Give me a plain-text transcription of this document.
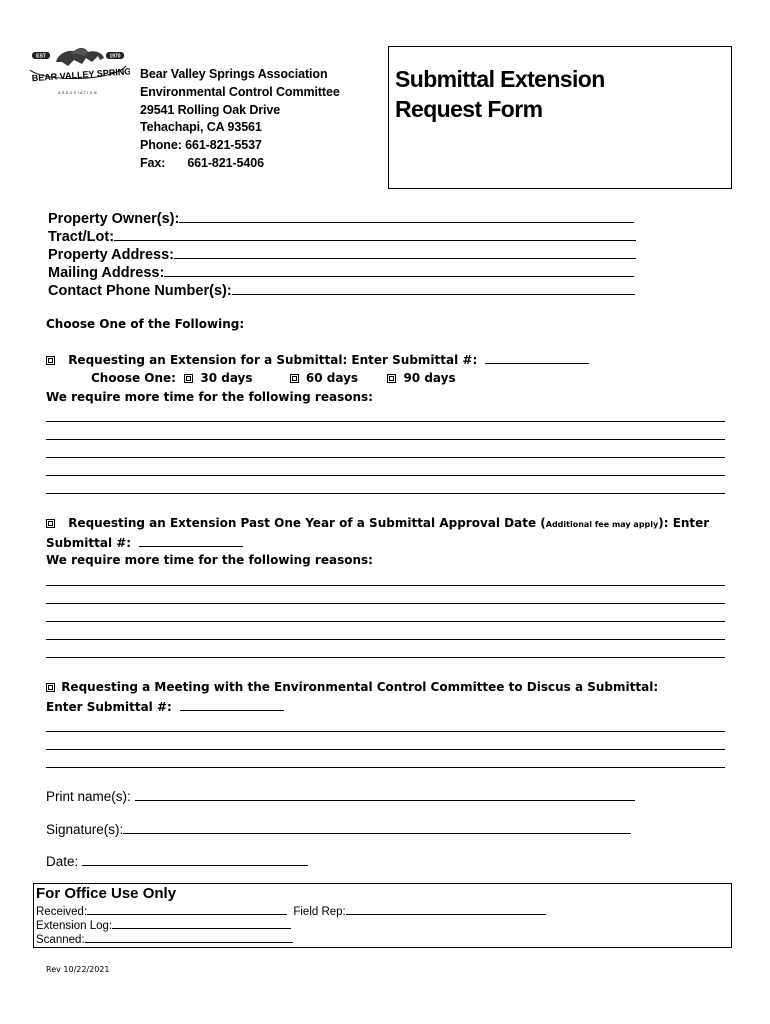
EST	1970
BEAR VALLEY SPRINGS
ASSOCIATION
Bear Valley Springs Association
Environmental Control Committee
29541 Rolling Oak Drive
Tehachapi, CA 93561
Phone: 661-821-5537
Fax: 661-821-5406
Submittal Extension
Request Form
Property Owner(s):
Tract/Lot:
Property Address:
Mailing Address:
Contact Phone Number(s):
Choose One of the Following:
Requesting an Extension for a Submittal: Enter Submittal #:
Choose One: 30 days	60 days	90 days
We require more time for the following reasons:
Requesting an Extension Past One Year of a Submittal Approval Date (Additional fee may apply): Enter
Submittal #:
We require more time for the following reasons:
Requesting a Meeting with the Environmental Control Committee to Discus a Submittal:
Enter Submittal #:
Print name(s):
Signature(s):
Date:
For Office Use Only
Received:	Field Rep:
Extension Log:
Scanned:
Rev 10/22/2021
